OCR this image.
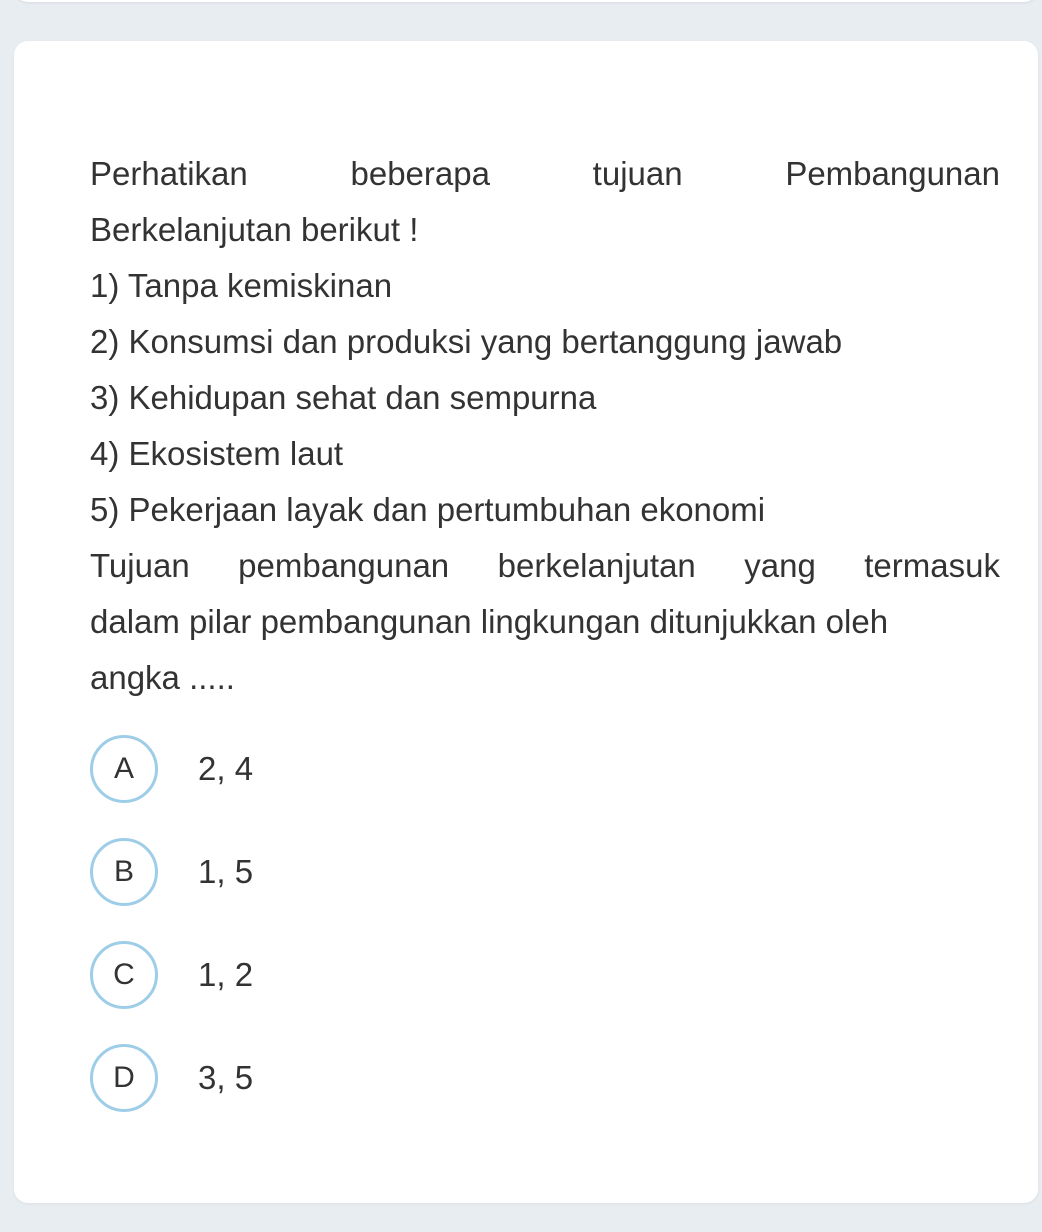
Perhatikan	beberapa	tujuan	Pembangunan
Berkelanjutan berikut !
1) Tanpa kemiskinan
2) Konsumsi dan produksi yang bertanggung jawab
3) Kehidupan sehat dan sempurna
4) Ekosistem laut
5) Pekerjaan layak dan pertumbuhan ekonomi
Tujuan pembangunan berkelanjutan yang termasuk
dalam pilar pembangunan lingkungan ditunjukkan oleh
angka .....
A	2, 4
B	1, 5
C	1, 2
D	3, 5
